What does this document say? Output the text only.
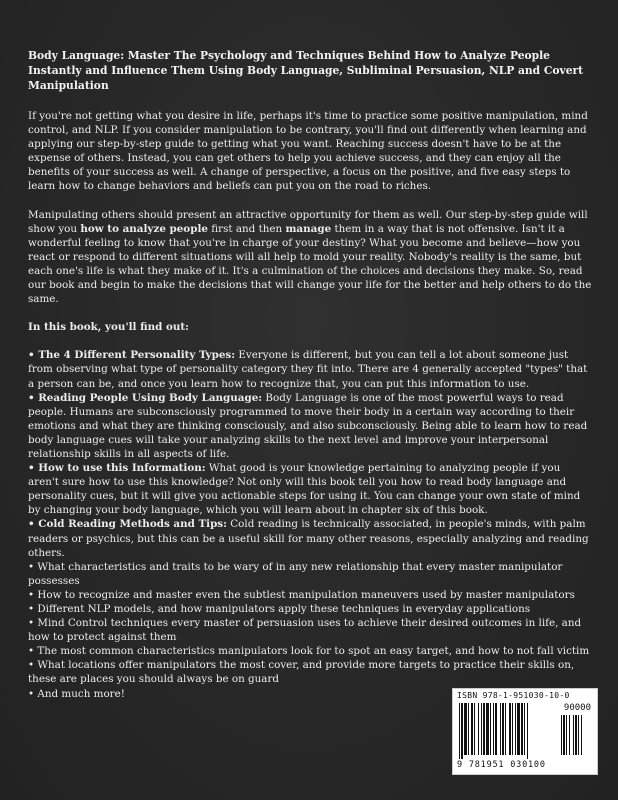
Body Language: Master The Psychology and Techniques Behind How to Analyze People Instantly and Influence Them Using Body Language, Subliminal Persuasion, NLP and Covert Manipulation

If you're not getting what you desire in life, perhaps it's time to practice some positive manipulation, mind control, and NLP. If you consider manipulation to be contrary, you'll find out differently when learning and applying our step-by-step guide to getting what you want. Reaching success doesn't have to be at the expense of others. Instead, you can get others to help you achieve success, and they can enjoy all the benefits of your success as well. A change of perspective, a focus on the positive, and five easy steps to learn how to change behaviors and beliefs can put you on the road to riches.

Manipulating others should present an attractive opportunity for them as well. Our step-by-step guide will show you how to analyze people first and then manage them in a way that is not offensive. Isn't it a wonderful feeling to know that you're in charge of your destiny? What you become and believe—how you react or respond to different situations will all help to mold your reality. Nobody's reality is the same, but each one's life is what they make of it. It's a culmination of the choices and decisions they make. So, read our book and begin to make the decisions that will change your life for the better and help others to do the same.

In this book, you'll find out:
• The 4 Different Personality Types: Everyone is different, but you can tell a lot about someone just from observing what type of personality category they fit into. There are 4 generally accepted "types" that a person can be, and once you learn how to recognize that, you can put this information to use.
• Reading People Using Body Language: Body Language is one of the most powerful ways to read people. Humans are subconsciously programmed to move their body in a certain way according to their emotions and what they are thinking consciously, and also subconsciously. Being able to learn how to read body language cues will take your analyzing skills to the next level and improve your interpersonal relationship skills in all aspects of life.
• How to use this Information: What good is your knowledge pertaining to analyzing people if you aren't sure how to use this knowledge? Not only will this book tell you how to read body language and personality cues, but it will give you actionable steps for using it. You can change your own state of mind by changing your body language, which you will learn about in chapter six of this book.
• Cold Reading Methods and Tips: Cold reading is technically associated, in people's minds, with palm readers or psychics, but this can be a useful skill for many other reasons, especially analyzing and reading others.
• What characteristics and traits to be wary of in any new relationship that every master manipulator possesses
• How to recognize and master even the subtlest manipulation maneuvers used by master manipulators
• Different NLP models, and how manipulators apply these techniques in everyday applications
• Mind Control techniques every master of persuasion uses to achieve their desired outcomes in life, and how to protect against them
• The most common characteristics manipulators look for to spot an easy target, and how to not fall victim
• What locations offer manipulators the most cover, and provide more targets to practice their skills on, these are places you should always be on guard
• And much more!	ISBN 978-1-951030-10-0
90000
9 781951 030100
